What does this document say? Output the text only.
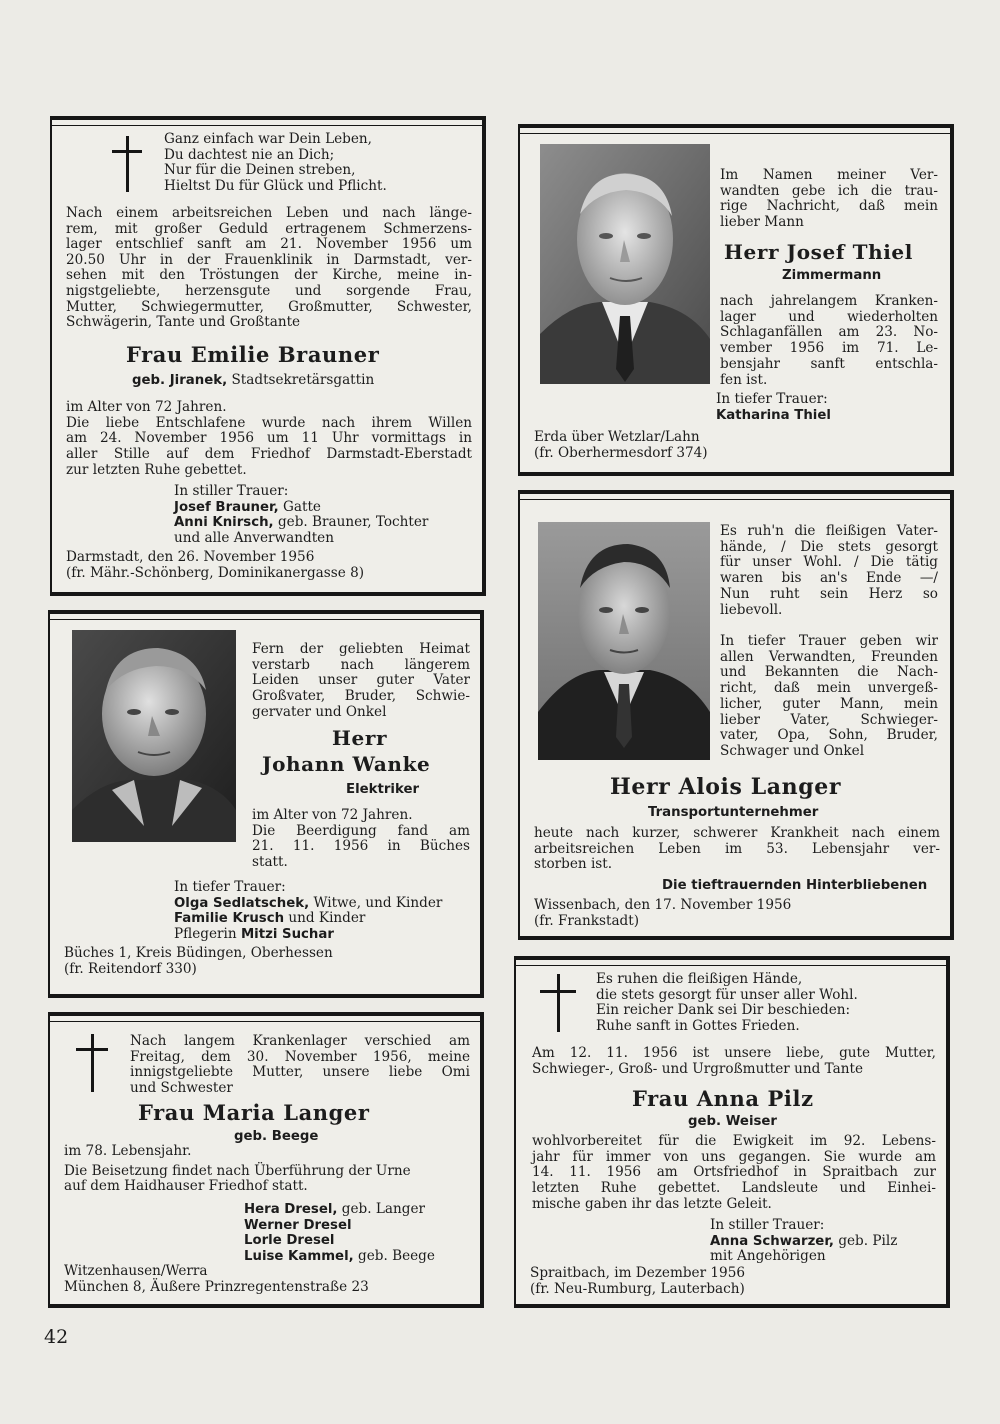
Ganz einfach war Dein Leben,
Du dachtest nie an Dich;
Nur für die Deinen streben,
Hieltst Du für Glück und Pflicht.
Nach einem arbeitsreichen Leben und nach länge-
rem, mit großer Geduld ertragenem Schmerzens-
lager entschlief sanft am 21. November 1956 um
20.50 Uhr in der Frauenklinik in Darmstadt, ver-
sehen mit den Tröstungen der Kirche, meine in-
nigstgeliebte, herzensgute und sorgende Frau,
Mutter, Schwiegermutter, Großmutter, Schwester,
Schwägerin, Tante und Großtante
Frau Emilie Brauner
geb. Jiranek, Stadtsekretärsgattin
im Alter von 72 Jahren.
Die liebe Entschlafene wurde nach ihrem Willen
am 24. November 1956 um 11 Uhr vormittags in
aller Stille auf dem Friedhof Darmstadt-Eberstadt
zur letzten Ruhe gebettet.
In stiller Trauer:
Josef Brauner, Gatte
Anni Knirsch, geb. Brauner, Tochter
und alle Anverwandten
Darmstadt, den 26. November 1956
(fr. Mähr.-Schönberg, Dominikanergasse 8)
Im Namen meiner Ver-
wandten gebe ich die trau-
rige Nachricht, daß mein
lieber Mann
Herr Josef Thiel
Zimmermann
nach jahrelangem Kranken-
lager und wiederholten
Schlaganfällen am 23. No-
vember 1956 im 71. Le-
bensjahr sanft entschla-
fen ist.
In tiefer Trauer:
Katharina Thiel
Erda über Wetzlar/Lahn
(fr. Oberhermesdorf 374)
Es ruh'n die fleißigen Vater-
hände, / Die stets gesorgt
für unser Wohl. / Die tätig
waren bis an's Ende —/
Nun ruht sein Herz so
liebevoll.
In tiefer Trauer geben wir
allen Verwandten, Freunden
und Bekannten die Nach-
richt, daß mein unvergeß-
licher, guter Mann, mein
lieber Vater, Schwieger-
vater, Opa, Sohn, Bruder,
Schwager und Onkel
Herr Alois Langer
Transportunternehmer
heute nach kurzer, schwerer Krankheit nach einem
arbeitsreichen Leben im 53. Lebensjahr ver-
storben ist.
Die tieftrauernden Hinterbliebenen
Wissenbach, den 17. November 1956
(fr. Frankstadt)
Fern der geliebten Heimat
verstarb nach längerem
Leiden unser guter Vater
Großvater, Bruder, Schwie-
gervater und Onkel
Herr
Johann Wanke
Elektriker
im Alter von 72 Jahren.
Die Beerdigung fand am
21. 11. 1956 in Büches
statt.
In tiefer Trauer:
Olga Sedlatschek, Witwe, und Kinder
Familie Krusch und Kinder
Pflegerin Mitzi Suchar
Büches 1, Kreis Büdingen, Oberhessen
(fr. Reitendorf 330)
Nach langem Krankenlager verschied am
Freitag, dem 30. November 1956, meine
innigstgeliebte Mutter, unsere liebe Omi
und Schwester
Frau Maria Langer
geb. Beege
im 78. Lebensjahr.
Die Beisetzung findet nach Überführung der Urne
auf dem Haidhauser Friedhof statt.
Hera Dresel, geb. Langer
Werner Dresel
Lorle Dresel
Luise Kammel, geb. Beege
Witzenhausen/Werra
München 8, Äußere Prinzregentenstraße 23
Es ruhen die fleißigen Hände,
die stets gesorgt für unser aller Wohl.
Ein reicher Dank sei Dir beschieden:
Ruhe sanft in Gottes Frieden.
Am 12. 11. 1956 ist unsere liebe, gute Mutter,
Schwieger-, Groß- und Urgroßmutter und Tante
Frau Anna Pilz
geb. Weiser
wohlvorbereitet für die Ewigkeit im 92. Lebens-
jahr für immer von uns gegangen. Sie wurde am
14. 11. 1956 am Ortsfriedhof in Spraitbach zur
letzten Ruhe gebettet. Landsleute und Einhei-
mische gaben ihr das letzte Geleit.
In stiller Trauer:
Anna Schwarzer, geb. Pilz
mit Angehörigen
Spraitbach, im Dezember 1956
(fr. Neu-Rumburg, Lauterbach)
42
